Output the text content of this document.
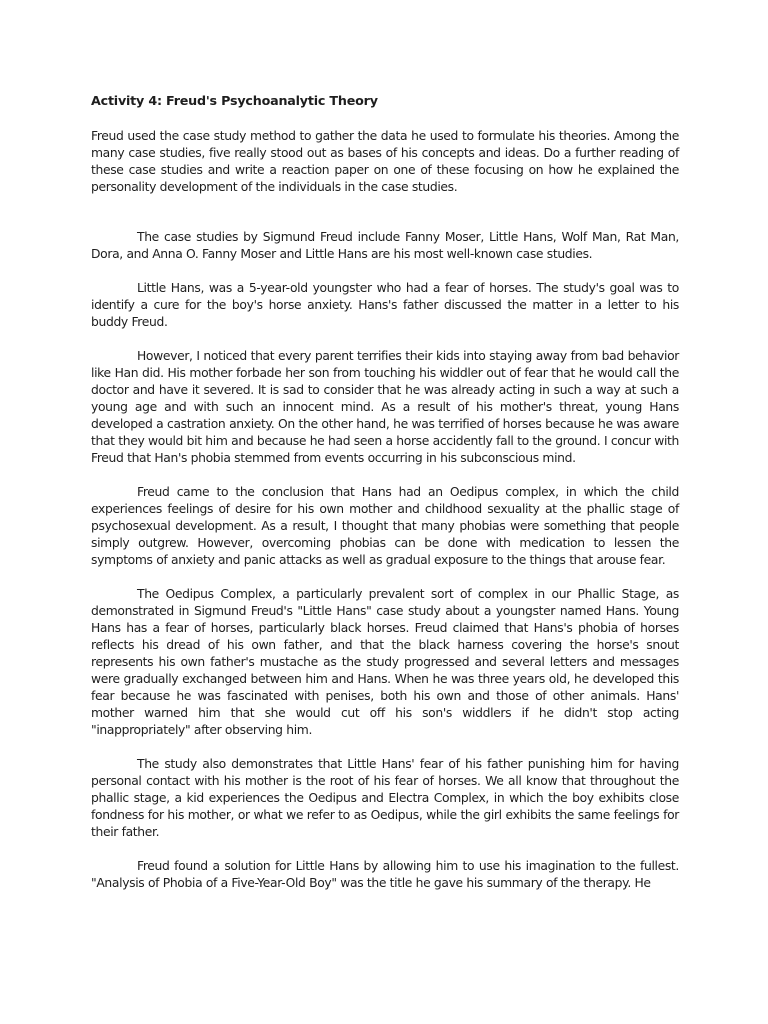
Activity 4: Freud's Psychoanalytic Theory

Freud used the case study method to gather the data he used to formulate his theories. Among the many case studies, five really stood out as bases of his concepts and ideas. Do a further reading of these case studies and write a reaction paper on one of these focusing on how he explained the personality development of the individuals in the case studies.

The case studies by Sigmund Freud include Fanny Moser, Little Hans, Wolf Man, Rat Man, Dora, and Anna O. Fanny Moser and Little Hans are his most well-known case studies.

Little Hans, was a 5-year-old youngster who had a fear of horses. The study's goal was to identify a cure for the boy's horse anxiety. Hans's father discussed the matter in a letter to his buddy Freud.

However, I noticed that every parent terrifies their kids into staying away from bad behavior like Han did. His mother forbade her son from touching his widdler out of fear that he would call the doctor and have it severed. It is sad to consider that he was already acting in such a way at such a young age and with such an innocent mind. As a result of his mother's threat, young Hans developed a castration anxiety. On the other hand, he was terrified of horses because he was aware that they would bit him and because he had seen a horse accidently fall to the ground. I concur with Freud that Han's phobia stemmed from events occurring in his subconscious mind.

Freud came to the conclusion that Hans had an Oedipus complex, in which the child experiences feelings of desire for his own mother and childhood sexuality at the phallic stage of psychosexual development. As a result, I thought that many phobias were something that people simply outgrew. However, overcoming phobias can be done with medication to lessen the symptoms of anxiety and panic attacks as well as gradual exposure to the things that arouse fear.

The Oedipus Complex, a particularly prevalent sort of complex in our Phallic Stage, as demonstrated in Sigmund Freud's "Little Hans" case study about a youngster named Hans. Young Hans has a fear of horses, particularly black horses. Freud claimed that Hans's phobia of horses reflects his dread of his own father, and that the black harness covering the horse's snout represents his own father's mustache as the study progressed and several letters and messages were gradually exchanged between him and Hans. When he was three years old, he developed this fear because he was fascinated with penises, both his own and those of other animals. Hans' mother warned him that she would cut off his son's widdlers if he didn't stop acting "inappropriately" after observing him.

The study also demonstrates that Little Hans' fear of his father punishing him for having personal contact with his mother is the root of his fear of horses. We all know that throughout the phallic stage, a kid experiences the Oedipus and Electra Complex, in which the boy exhibits close fondness for his mother, or what we refer to as Oedipus, while the girl exhibits the same feelings for their father.

Freud found a solution for Little Hans by allowing him to use his imagination to the fullest. "Analysis of Phobia of a Five-Year-Old Boy" was the title he gave his summary of the therapy. He
